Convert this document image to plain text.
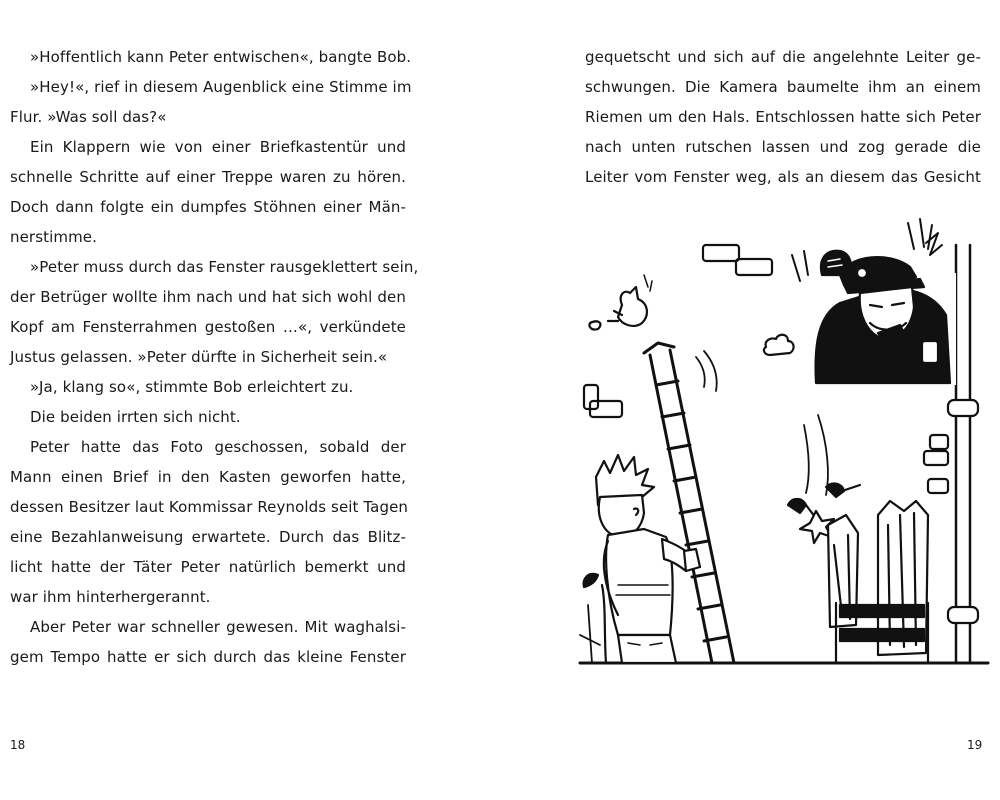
»Hoffentlich kann Peter entwischen«, bangte Bob.
»Hey!«, rief in diesem Augenblick eine Stimme im
Flur. »Was soll das?«
Ein Klappern wie von einer Briefkastentür und
schnelle Schritte auf einer Treppe waren zu hören.
Doch dann folgte ein dumpfes Stöhnen einer Män-
nerstimme.
»Peter muss durch das Fenster rausgeklettert sein,
der Betrüger wollte ihm nach und hat sich wohl den
Kopf am Fensterrahmen gestoßen …«, verkündete
Justus gelassen. »Peter dürfte in Sicherheit sein.«
»Ja, klang so«, stimmte Bob erleichtert zu.
Die beiden irrten sich nicht.
Peter hatte das Foto geschossen, sobald der
Mann einen Brief in den Kasten geworfen hatte,
dessen Besitzer laut Kommissar Reynolds seit Tagen
eine Bezahlanweisung erwartete. Durch das Blitz-
licht hatte der Täter Peter natürlich bemerkt und
war ihm hinterhergerannt.
Aber Peter war schneller gewesen. Mit waghalsi-
gem Tempo hatte er sich durch das kleine Fenster
18	19
gequetscht und sich auf die angelehnte Leiter ge-
schwungen. Die Kamera baumelte ihm an einem
Riemen um den Hals. Entschlossen hatte sich Peter
nach unten rutschen lassen und zog gerade die
Leiter vom Fenster weg, als an diesem das Gesicht
